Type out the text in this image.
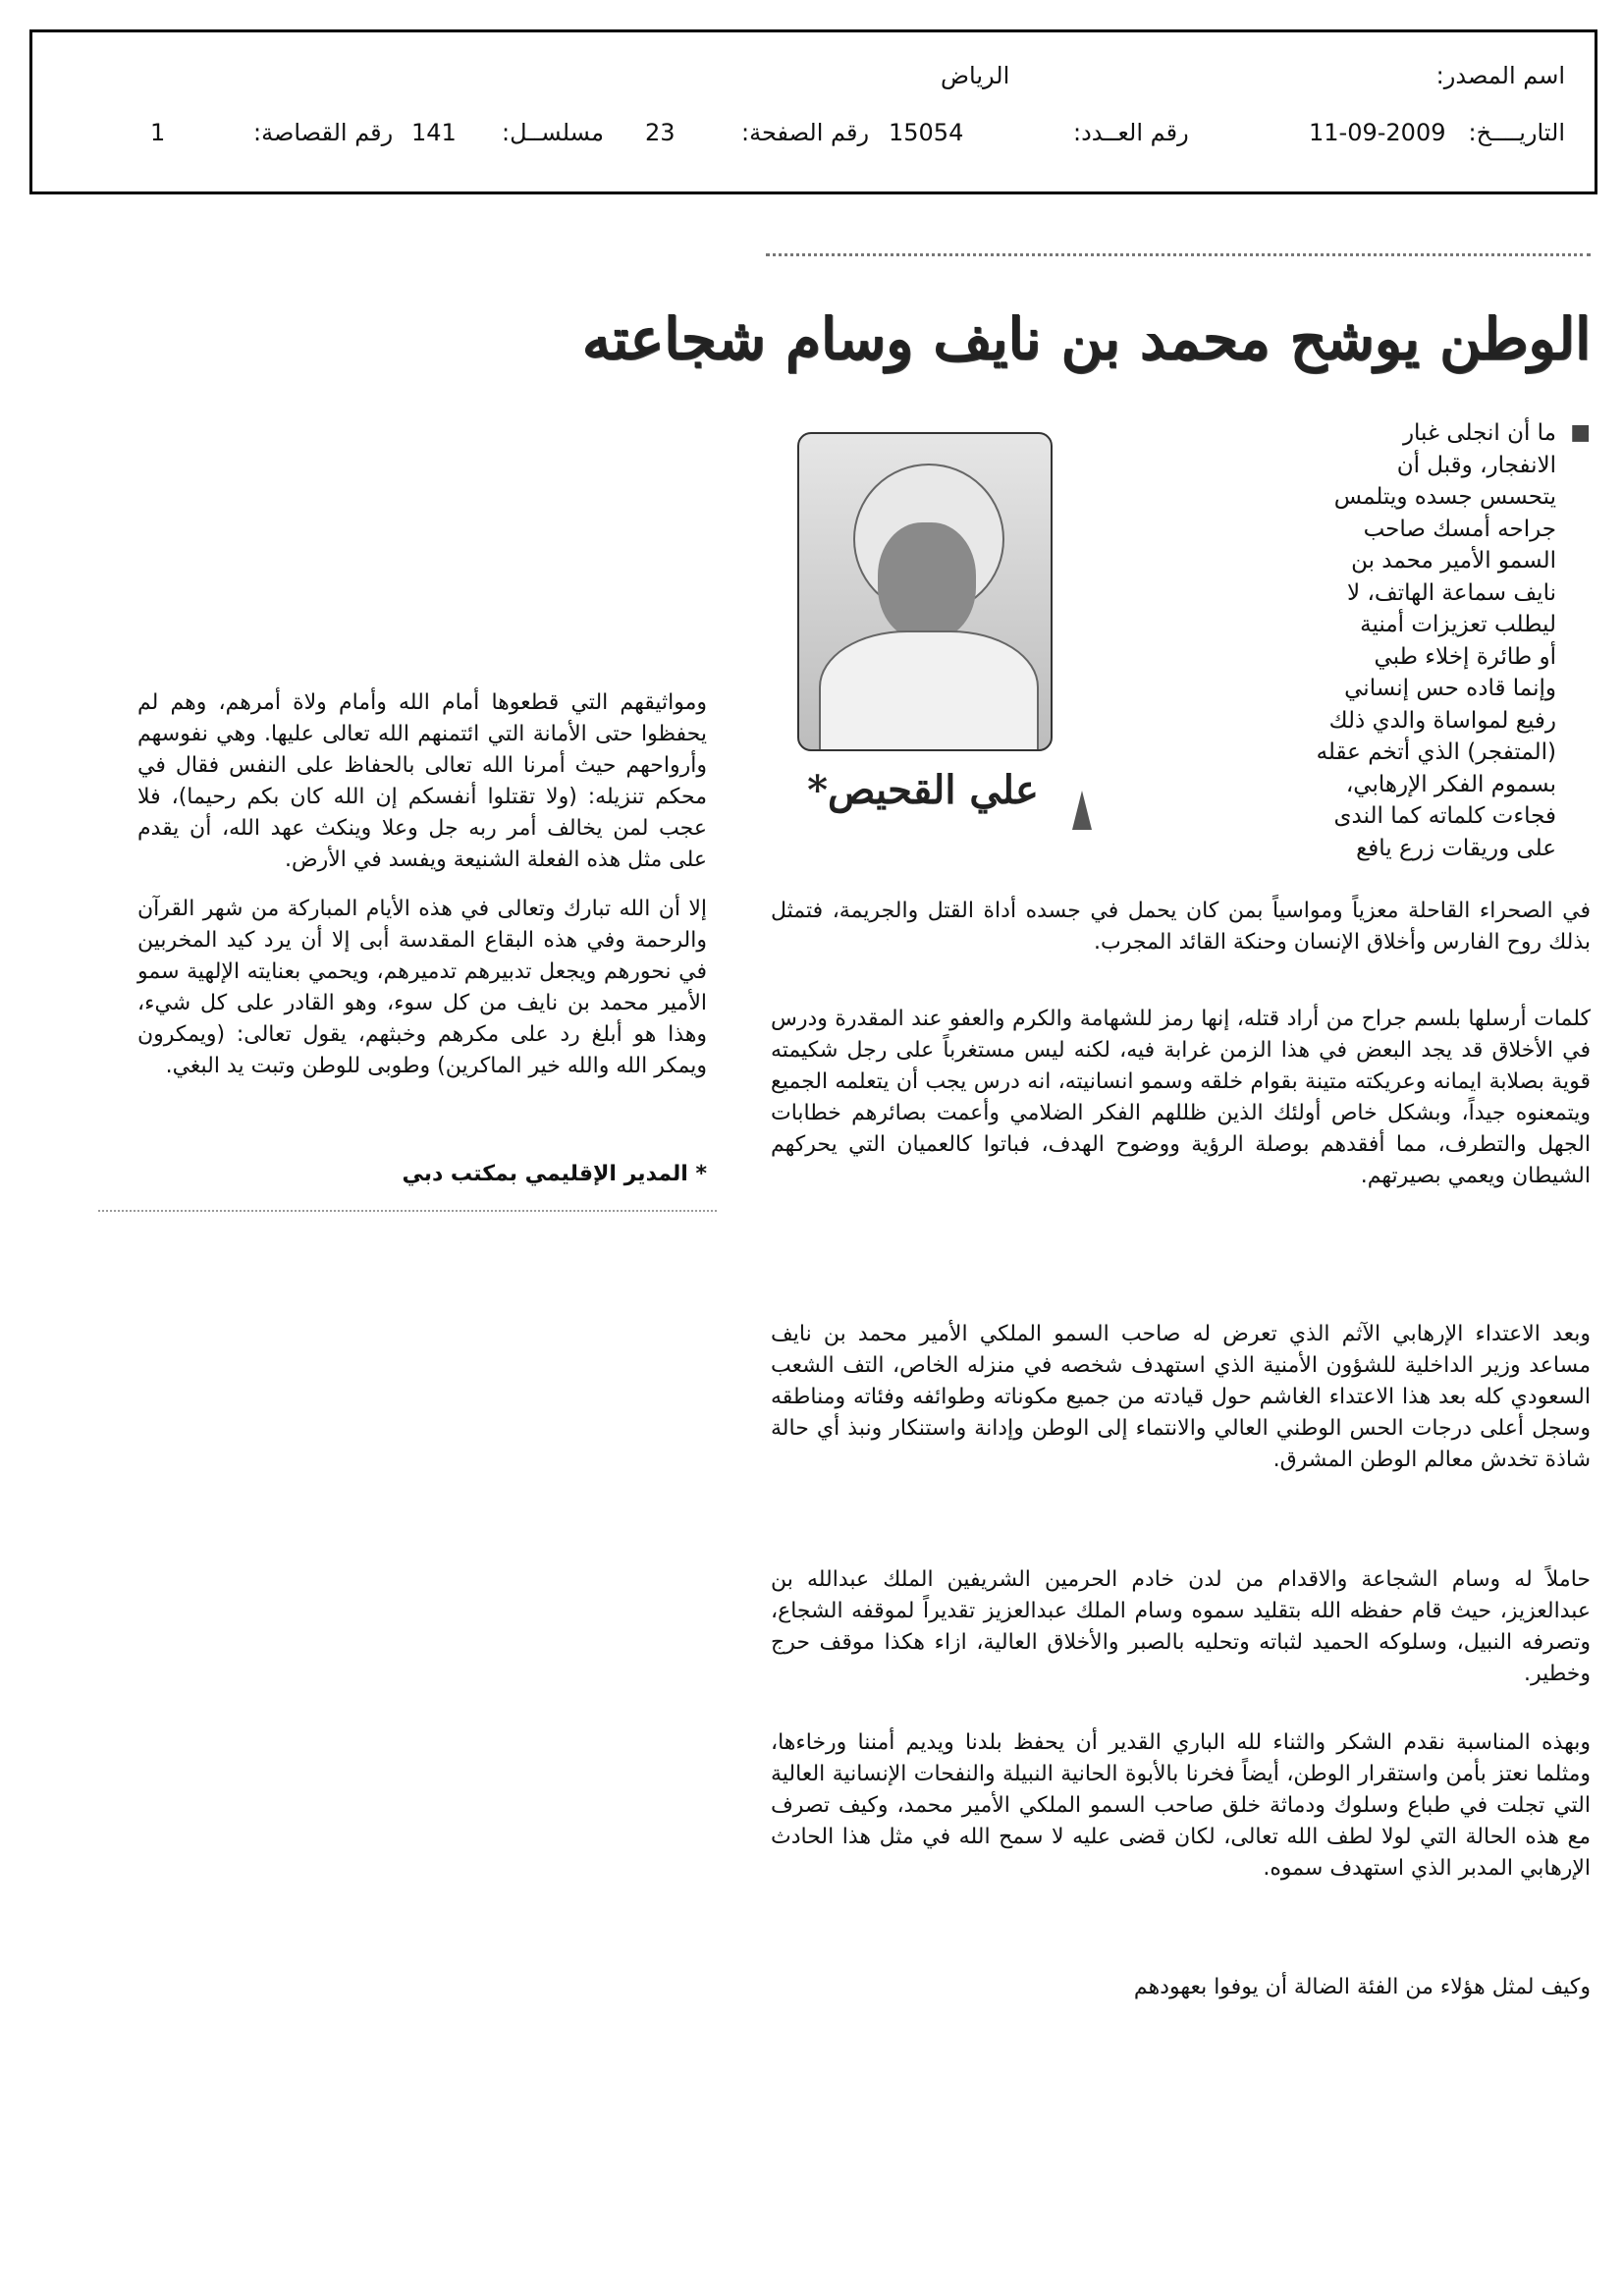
اسم المصدر:
الرياض
التاريــــخ:
11-09-2009
رقم العــدد:
15054
رقم الصفحة:
23
مسلســل:
141
رقم القصاصة:
1
الوطن يوشح محمد بن نايف وسام شجاعته
علي القحيص*
ما أن انجلى غبار
الانفجار، وقبل أن
يتحسس جسده ويتلمس
جراحه أمسك صاحب
السمو الأمير محمد بن
نايف سماعة الهاتف، لا
ليطلب تعزيزات أمنية
أو طائرة إخلاء طبي
وإنما قاده حس إنساني
رفيع لمواساة والدي ذلك
(المتفجر) الذي أتخم عقله
بسموم الفكر الإرهابي،
فجاءت كلماته كما الندى
على وريقات زرع يافع
■

في الصحراء القاحلة معزياً ومواسياً بمن كان يحمل في جسده أداة القتل والجريمة، فتمثل بذلك روح الفارس وأخلاق الإنسان وحنكة القائد المجرب.

كلمات أرسلها بلسم جراح من أراد قتله، إنها رمز للشهامة والكرم والعفو عند المقدرة ودرس في الأخلاق قد يجد البعض في هذا الزمن غرابة فيه، لكنه ليس مستغرباً على رجل شكيمته قوية بصلابة ايمانه وعريكته متينة بقوام خلقه وسمو انسانيته، انه درس يجب أن يتعلمه الجميع ويتمعنوه جيداً، وبشكل خاص أولئك الذين ظللهم الفكر الضلامي وأعمت بصائرهم خطابات الجهل والتطرف، مما أفقدهم بوصلة الرؤية ووضوح الهدف، فباتوا كالعميان التي يحركهم الشيطان ويعمي بصيرتهم.

وبعد الاعتداء الإرهابي الآثم الذي تعرض له صاحب السمو الملكي الأمير محمد بن نايف مساعد وزير الداخلية للشؤون الأمنية الذي استهدف شخصه في منزله الخاص، التف الشعب السعودي كله بعد هذا الاعتداء الغاشم حول قيادته من جميع مكوناته وطوائفه وفئاته ومناطقه وسجل أعلى درجات الحس الوطني العالي والانتماء إلى الوطن وإدانة واستنكار ونبذ أي حالة شاذة تخدش معالم الوطن المشرق.

حاملاً له وسام الشجاعة والاقدام من لدن خادم الحرمين الشريفين الملك عبدالله بن عبدالعزيز، حيث قام حفظه الله بتقليد سموه وسام الملك عبدالعزيز تقديراً لموقفه الشجاع، وتصرفه النبيل، وسلوكه الحميد لثباته وتحليه بالصبر والأخلاق العالية، ازاء هكذا موقف حرج وخطير.

وبهذه المناسبة نقدم الشكر والثناء لله الباري القدير أن يحفظ بلدنا ويديم أمننا ورخاءها، ومثلما نعتز بأمن واستقرار الوطن، أيضاً فخرنا بالأبوة الحانية النبيلة والنفحات الإنسانية العالية التي تجلت في طباع وسلوك ودماثة خلق صاحب السمو الملكي الأمير محمد، وكيف تصرف مع هذه الحالة التي لولا لطف الله تعالى، لكان قضى عليه لا سمح الله في مثل هذا الحادث الإرهابي المدبر الذي استهدف سموه.

وكيف لمثل هؤلاء من الفئة الضالة أن يوفوا بعهودهم

ومواثيقهم التي قطعوها أمام الله وأمام ولاة أمرهم، وهم لم يحفظوا حتى الأمانة التي ائتمنهم الله تعالى عليها. وهي نفوسهم وأرواحهم حيث أمرنا الله تعالى بالحفاظ على النفس فقال في محكم تنزيله: (ولا تقتلوا أنفسكم إن الله كان بكم رحيما)، فلا عجب لمن يخالف أمر ربه جل وعلا وينكث عهد الله، أن يقدم على مثل هذه الفعلة الشنيعة ويفسد في الأرض.

إلا أن الله تبارك وتعالى في هذه الأيام المباركة من شهر القرآن والرحمة وفي هذه البقاع المقدسة أبى إلا أن يرد كيد المخربين في نحورهم ويجعل تدبيرهم تدميرهم، ويحمي بعنايته الإلهية سمو الأمير محمد بن نايف من كل سوء، وهو القادر على كل شيء، وهذا هو أبلغ رد على مكرهم وخبثهم، يقول تعالى: (ويمكرون ويمكر الله والله خير الماكرين) وطوبى للوطن وتبت يد البغي.

* المدير الإقليمي بمكتب دبي
